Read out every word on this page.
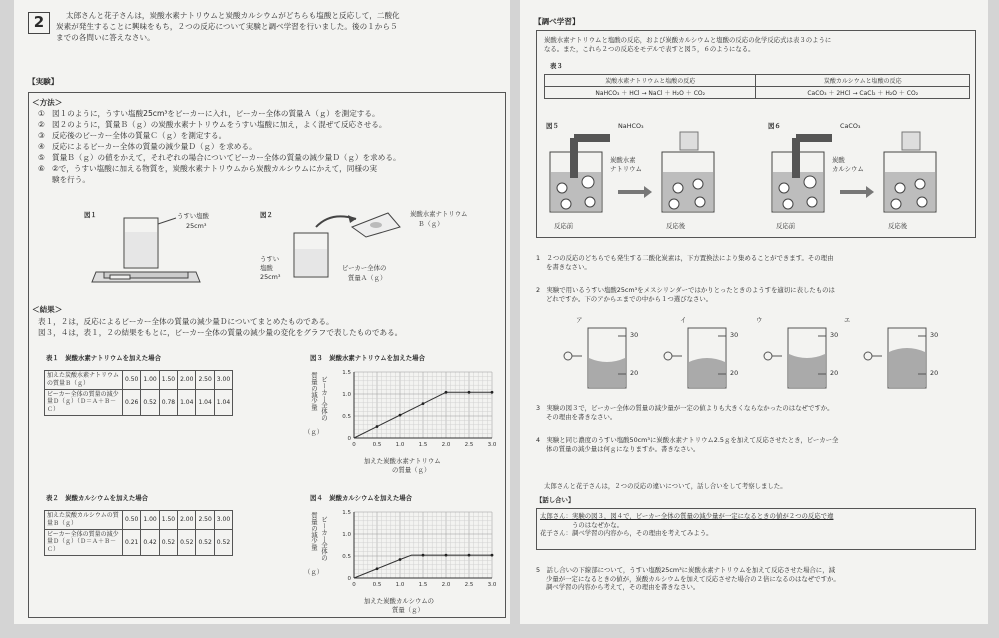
2	太郎さんと花子さんは，炭酸水素ナトリウムと炭酸カルシウムがどちらも塩酸と反応して，二酸化
炭素が発生することに興味をもち，２つの反応について実験と調べ学習を行いました。後の１から５
までの各問いに答えなさい。
【実験】
＜方法＞
① 図１のように，うすい塩酸25cm³をビーカーに入れ，ビーカー全体の質量Ａ（ｇ）を測定する。
② 図２のように，質量Ｂ（ｇ）の炭酸水素ナトリウムをうすい塩酸に加え，よく混ぜて反応させる。
③ 反応後のビーカー全体の質量Ｃ（ｇ）を測定する。
④ 反応によるビーカー全体の質量の減少量Ｄ（ｇ）を求める。
⑤ 質量Ｂ（ｇ）の値をかえて，それぞれの場合についてビーカー全体の質量の減少量Ｄ（ｇ）を求める。
⑥ ②で，うすい塩酸に加える物質を，炭酸水素ナトリウムから炭酸カルシウムにかえて，同様の実
験を行う。
図１	うすい塩酸
25cm³
図２	炭酸水素ナトリウム
Ｂ（ｇ）
うすい
塩酸
25cm³
ビーカー全体の
質量Ａ（ｇ）
＜結果＞
表１，２は，反応によるビーカー全体の質量の減少量Ｄについてまとめたものである。
図３，４は，表１，２の結果をもとに，ビーカー全体の質量の減少量の変化をグラフで表したものである。
表１　炭酸水素ナトリウムを加えた場合
加えた炭酸水素ナトリウムの質量Ｂ（ｇ）	0.50	1.00	1.50	2.00	2.50	3.00
ビーカー全体の質量の減少量Ｄ（ｇ）（Ｄ＝Ａ＋Ｂ－Ｃ）	0.26	0.52	0.78	1.04	1.04	1.04
表２　炭酸カルシウムを加えた場合
加えた炭酸カルシウムの質量Ｂ（ｇ）	0.50	1.00	1.50	2.00	2.50	3.00
ビーカー全体の質量の減少量Ｄ（ｇ）（Ｄ＝Ａ＋Ｂ－Ｃ）	0.21	0.42	0.52	0.52	0.52	0.52
図３　炭酸水素ナトリウムを加えた場合
質量の減少量 ビーカー全体の
（ｇ）
0	0.5	1.0	1.5	2.0	2.5	3.0
0
0.5
1.0
1.5
加えた炭酸水素ナトリウム
の質量（ｇ）
図４　炭酸カルシウムを加えた場合
質量の減少量 ビーカー全体の
（ｇ）
0	0.5	1.0	1.5	2.0	2.5	3.0
0
0.5
1.0
1.5
加えた炭酸カルシウムの
質量（ｇ）
【調べ学習】
炭酸水素ナトリウムと塩酸の反応，および炭酸カルシウムと塩酸の反応の化学反応式は表３のように
なる。また，これら２つの反応をモデルで表すと図５，６のようになる。
表３
炭酸水素ナトリウムと塩酸の反応	炭酸カルシウムと塩酸の反応
NaHCO₃ ＋ HCl → NaCl ＋ H₂O ＋ CO₂	CaCO₃ ＋ 2HCl → CaCl₂ ＋ H₂O ＋ CO₂
図５	NaHCO₃
炭酸水素
ナトリウム
反応前	反応後
図６	CaCO₃
炭酸
カルシウム
反応前	反応後
1　２つの反応のどちらでも発生する二酸化炭素は，下方置換法により集めることができます。その理由
を書きなさい。
2　実験で用いるうすい塩酸25cm³をメスシリンダーではかりとったときのようすを適切に表したものは
どれですか。下のアからエまでの中から１つ選びなさい。
ア	イ	ウ	エ
30
20
30
20
30
20
30
20
3　実験の図３で，ビーカー全体の質量の減少量が一定の値よりも大きくならなかったのはなぜですか。
その理由を書きなさい。
4　実験と同じ濃度のうすい塩酸50cm³に炭酸水素ナトリウム2.5ｇを加えて反応させたとき，ビーカー全
体の質量の減少量は何ｇになりますか。書きなさい。
太郎さんと花子さんは，２つの反応の違いについて，話し合いをして考察しました。
【話し合い】
太郎さん：実験の図３，図４で，ビーカー全体の質量の減少量が一定になるときの値が２つの反応で違
　　　　　うのはなぜかな。
花子さん：調べ学習の内容から，その理由を考えてみよう。
5　話し合いの下線部について，うすい塩酸25cm³に炭酸水素ナトリウムを加えて反応させた場合に，減
少量が一定になるときの値が，炭酸カルシウムを加えて反応させた場合の２倍になるのはなぜですか。
調べ学習の内容から考えて，その理由を書きなさい。
